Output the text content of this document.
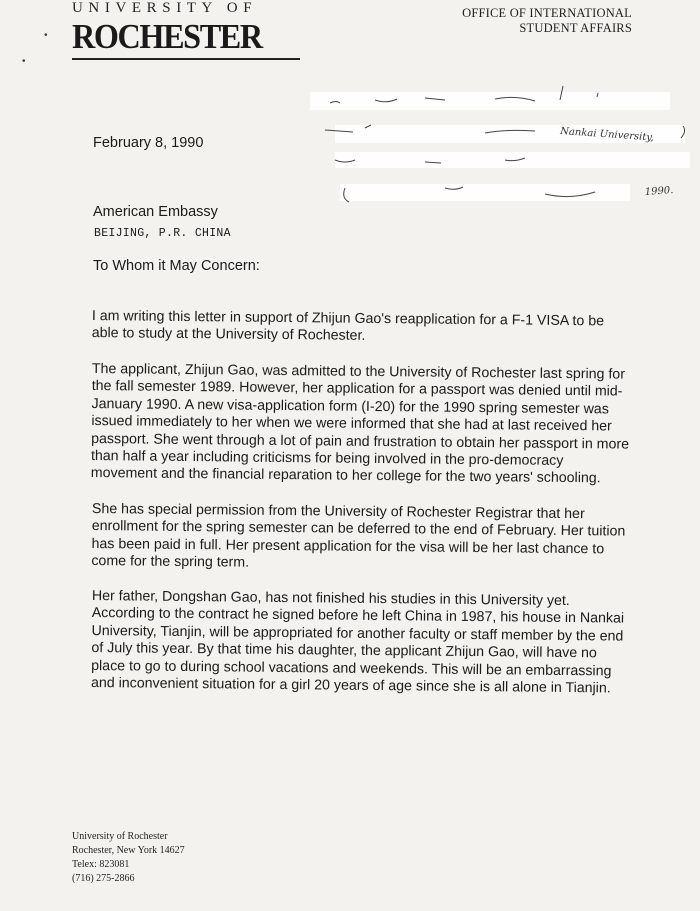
UNIVERSITY OF
ROCHESTER
OFFICE OF INTERNATIONAL
STUDENT AFFAIRS
•
•
Nankai University,
1990.
February 8, 1990
American Embassy
BEIJING, P.R. CHINA
To Whom it May Concern:

I am writing this letter in support of Zhijun Gao's reapplication for a F-1 VISA to be able to study at the University of Rochester.

The applicant, Zhijun Gao, was admitted to the University of Rochester last spring for the fall semester 1989. However, her application for a passport was denied until mid-January 1990. A new visa-application form (I-20) for the 1990 spring semester was issued immediately to her when we were informed that she had at last received her passport. She went through a lot of pain and frustration to obtain her passport in more than half a year including criticisms for being involved in the pro-democracy movement and the financial reparation to her college for the two years' schooling.

She has special permission from the University of Rochester Registrar that her enrollment for the spring semester can be deferred to the end of February. Her tuition has been paid in full. Her present application for the visa will be her last chance to come for the spring term.

Her father, Dongshan Gao, has not finished his studies in this University yet. According to the contract he signed before he left China in 1987, his house in Nankai University, Tianjin, will be appropriated for another faculty or staff member by the end of July this year. By that time his daughter, the applicant Zhijun Gao, will have no place to go to during school vacations and weekends. This will be an embarrassing and inconvenient situation for a girl 20 years of age since she is all alone in Tianjin.

University of Rochester
Rochester, New York 14627
Telex: 823081
(716) 275-2866
